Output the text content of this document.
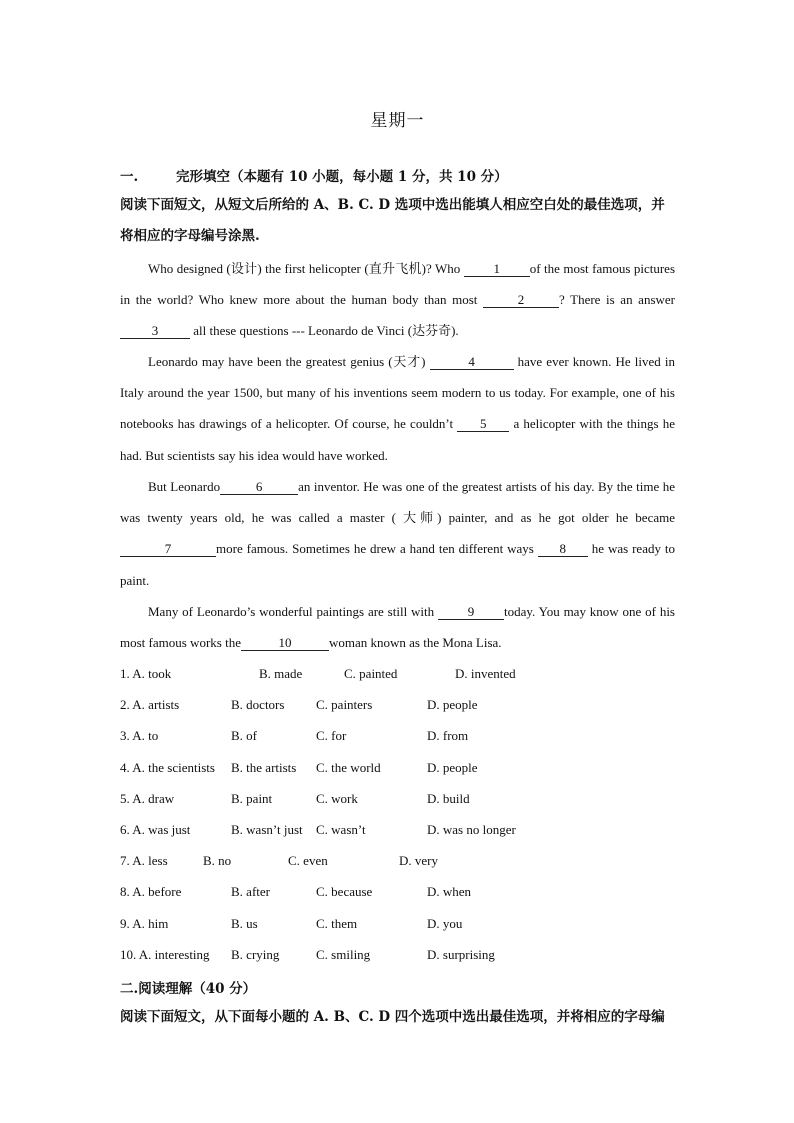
星期一
一.	完形填空（本题有 10 小题，每小题 1 分，共 10 分）
阅读下面短文，从短文后所给的 A、B. C. D 选项中选出能填人相应空白处的最佳选项，并将相应的字母编号涂黑.
Who designed (设计) the first helicopter (直升飞机)? Who 1 of the most famous pictures in the world? Who knew more about the human body than most	2	? There is an answer 3 all these questions --- Leonardo de Vinci (达芬奇).
Leonardo may have been the greatest genius (天才)	4	have ever known. He lived in Italy around the year 1500, but many of his inventions seem modern to us today. For example, one of his notebooks has drawings of a helicopter. Of course, he couldn’t 5 a helicopter with the things he had. But scientists say his idea would have worked.
But Leonardo	6	an inventor. He was one of the greatest artists of his day. By the time he was twenty years old, he was called a master ( 大师) painter, and as he got older he became 7	more famous. Sometimes he drew a hand ten different ways 8 he was ready to paint.
Many of Leonardo’s wonderful paintings are still with 9 today. You may know one of his most famous works the	10	woman known as the Mona Lisa.
1. A. took	B. made	C. painted	D. invented
2. A. artists	B. doctors C. painters	D. people
3. A. to	B. of	C. for	D. from
4. A. the scientists B. the artists C. the world	D. people
5. A. draw	B. paint	C. work	D. build
6. A. was just	B. wasn’t just C. wasn’t	D. was no longer
7. A. less	B. no	C. even	D. very
8. A. before	B. after	C. because	D. when
9. A. him	B. us	C. them	D. you
10. A. interesting B. crying	C. smiling	D. surprising
二.阅读理解（40 分）
阅读下面短文，从下面每小题的 A. B、C. D 四个选项中选出最佳选项，并将相应的字母编
